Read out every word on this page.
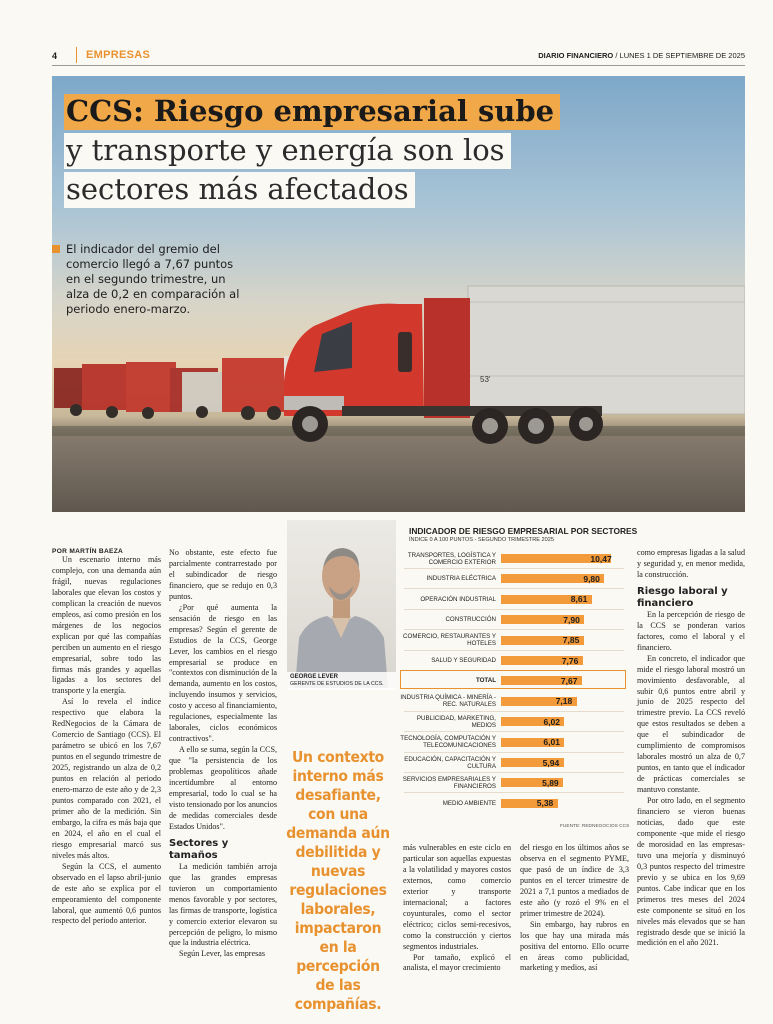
4	EMPRESAS	DIARIO FINANCIERO / LUNES 1 DE SEPTIEMBRE DE 2025
53'
CCS: Riesgo empresarial sube
y transporte y energía son los
sectores más afectados
El indicador del gremio del comercio llegó a 7,67 puntos en el segundo trimestre, un alza de 0,2 en comparación al periodo enero-marzo.

POR MARTÍN BAEZA

Un escenario interno más complejo, con una demanda aún frágil, nuevas regulaciones laborales que elevan los costos y complican la creación de nuevos empleos, así como presión en los márgenes de los negocios explican por qué las compañías perciben un aumento en el riesgo empresarial, sobre todo las firmas más grandes y aquellas ligadas a los sectores del transporte y la energía.

Así lo revela el índice respectivo que elabora la RedNegocios de la Cámara de Comercio de Santiago (CCS). El parámetro se ubicó en los 7,67 puntos en el segundo trimestre de 2025, registrando un alza de 0,2 puntos en relación al periodo enero-marzo de este año y de 2,3 puntos comparado con 2021, el primer año de la medición. Sin embargo, la cifra es más baja que en 2024, el año en el cual el riesgo empresarial marcó sus niveles más altos.

Según la CCS, el aumento observado en el lapso abril-junio de este año se explica por el empeoramiento del componente laboral, que aumentó 0,6 puntos respecto del periodo anterior.

No obstante, este efecto fue parcialmente contrarrestado por el subindicador de riesgo financiero, que se redujo en 0,3 puntos.

¿Por qué aumenta la sensación de riesgo en las empresas? Según el gerente de Estudios de la CCS, George Lever, los cambios en el riesgo empresarial se produce en "contextos con disminución de la demanda, aumento en los costos, incluyendo insumos y servicios, costo y acceso al financiamiento, regulaciones, especialmente las laborales, ciclos económicos contractivos".

A ello se suma, según la CCS, que "la persistencia de los problemas geopolíticos añade incertidumbre al entorno empresarial, todo lo cual se ha visto tensionado por los anuncios de medidas comerciales desde Estados Unidos".

Sectores y tamaños

La medición también arroja que las grandes empresas tuvieron un comportamiento menos favorable y por sectores, las firmas de transporte, logística y comercio exterior elevaron su percepción de peligro, lo mismo que la industria eléctrica.

Según Lever, las empresas

GEORGE LEVER
GERENTE DE ESTUDIOS DE LA CCS.
Un contexto interno más desafiante, con una demanda aún debilitida y nuevas regulaciones laborales, impactaron en la percepción de las compañías.

más vulnerables en este ciclo en particular son aquellas expuestas a la volatilidad y mayores costos externos, como comercio exterior y transporte internacional; a factores coyunturales, como el sector eléctrico; ciclos semi-recesivos, como la construcción y ciertos segmentos industriales.

Por tamaño, explicó el analista, el mayor crecimiento

del riesgo en los últimos años se observa en el segmento PYME, que pasó de un índice de 3,3 puntos en el tercer trimestre de 2021 a 7,1 puntos a mediados de este año (y rozó el 9% en el primer trimestre de 2024).

Sin embargo, hay rubros en los que hay una mirada más positiva del entorno. Ello ocurre en áreas como publicidad, marketing y medios, así

como empresas ligadas a la salud y seguridad y, en menor medida, la construcción.

Riesgo laboral y financiero

En la percepción de riesgo de la CCS se ponderan varios factores, como el laboral y el financiero.

En concreto, el indicador que mide el riesgo laboral mostró un movimiento desfavorable, al subir 0,6 puntos entre abril y junio de 2025 respecto del trimestre previo. La CCS reveló que estos resultados se deben a que el subindicador de cumplimiento de compromisos laborales mostró un alza de 0,7 puntos, en tanto que el indicador de prácticas comerciales se mantuvo constante.

Por otro lado, en el segmento financiero se vieron buenas noticias, dado que este componente -que mide el riesgo de morosidad en las empresas- tuvo una mejoría y disminuyó 0,3 puntos respecto del trimestre previo y se ubica en los 9,69 puntos. Cabe indicar que en los primeros tres meses del 2024 este componente se situó en los niveles más elevados que se han registrado desde que se inició la medición en el año 2021.

INDICADOR DE RIESGO EMPRESARIAL POR SECTORES
ÍNDICE 0 A 100 PUNTOS - SEGUNDO TRIMESTRE 2025
TRANSPORTES, LOGÍSTICA Y COMERCIO EXTERIOR	10,47
INDUSTRIA ELÉCTRICA	9,80
OPERACIÓN INDUSTRIAL	8,61
CONSTRUCCIÓN	7,90
COMERCIO, RESTAURANTES Y HOTELES	7,85
SALUD Y SEGURIDAD	7,76
TOTAL	7,67
INDUSTRIA QUÍMICA - MINERÍA - REC. NATURALES	7,18
PUBLICIDAD, MARKETING, MEDIOS	6,02
TECNOLOGÍA, COMPUTACIÓN Y TELECOMUNICACIONES	6,01
EDUCACIÓN, CAPACITACIÓN Y CULTURA	5,94
SERVICIOS EMPRESARIALES Y FINANCIEROS	5,89
MEDIO AMBIENTE	5,38
FUENTE: REDNEGOCIOS CCS
